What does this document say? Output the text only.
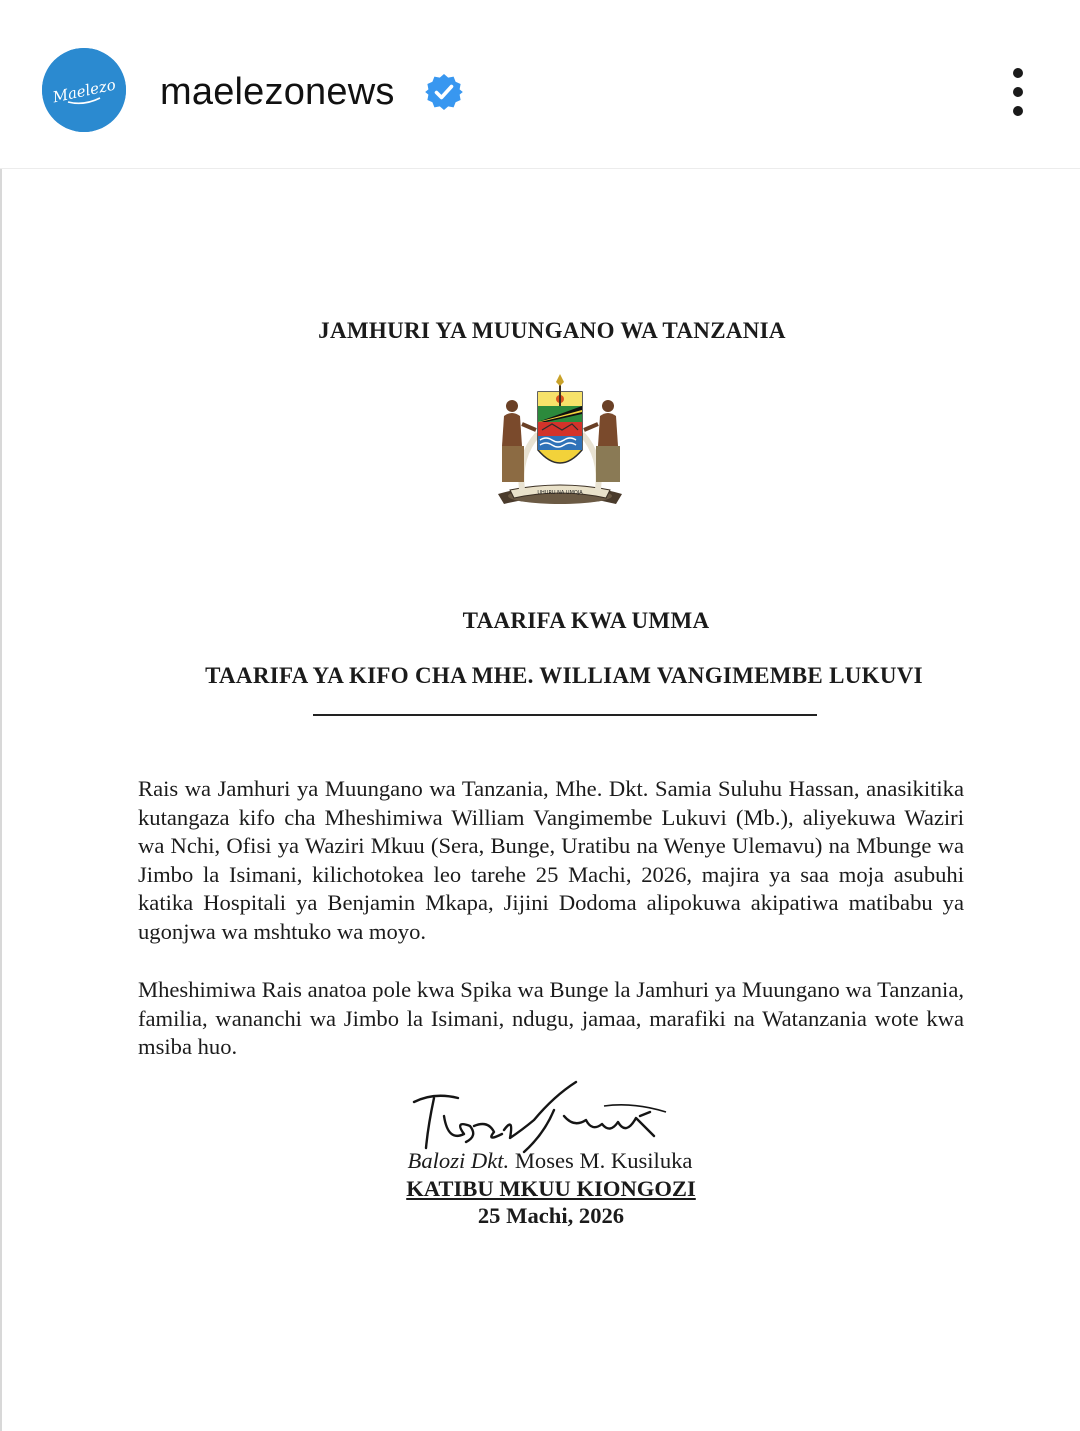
Maelezo maelezonews
JAMHURI YA MUUNGANO WA TANZANIA
UHURU NA UMOJA
TAARIFA KWA UMMA
TAARIFA YA KIFO CHA MHE. WILLIAM VANGIMEMBE LUKUVI

Rais wa Jamhuri ya Muungano wa Tanzania, Mhe. Dkt. Samia Suluhu Hassan, anasikitika kutangaza kifo cha Mheshimiwa William Vangimembe Lukuvi (Mb.), aliyekuwa Waziri wa Nchi, Ofisi ya Waziri Mkuu (Sera, Bunge, Uratibu na Wenye Ulemavu) na Mbunge wa Jimbo la Isimani, kilichotokea leo tarehe 25 Machi, 2026, majira ya saa moja asubuhi katika Hospitali ya Benjamin Mkapa, Jijini Dodoma alipokuwa akipatiwa matibabu ya ugonjwa wa mshtuko wa moyo.

Mheshimiwa Rais anatoa pole kwa Spika wa Bunge la Jamhuri ya Muungano wa Tanzania, familia, wananchi wa Jimbo la Isimani, ndugu, jamaa, marafiki na Watanzania wote kwa msiba huo.

Balozi Dkt. Moses M. Kusiluka
KATIBU MKUU KIONGOZI
25 Machi, 2026
